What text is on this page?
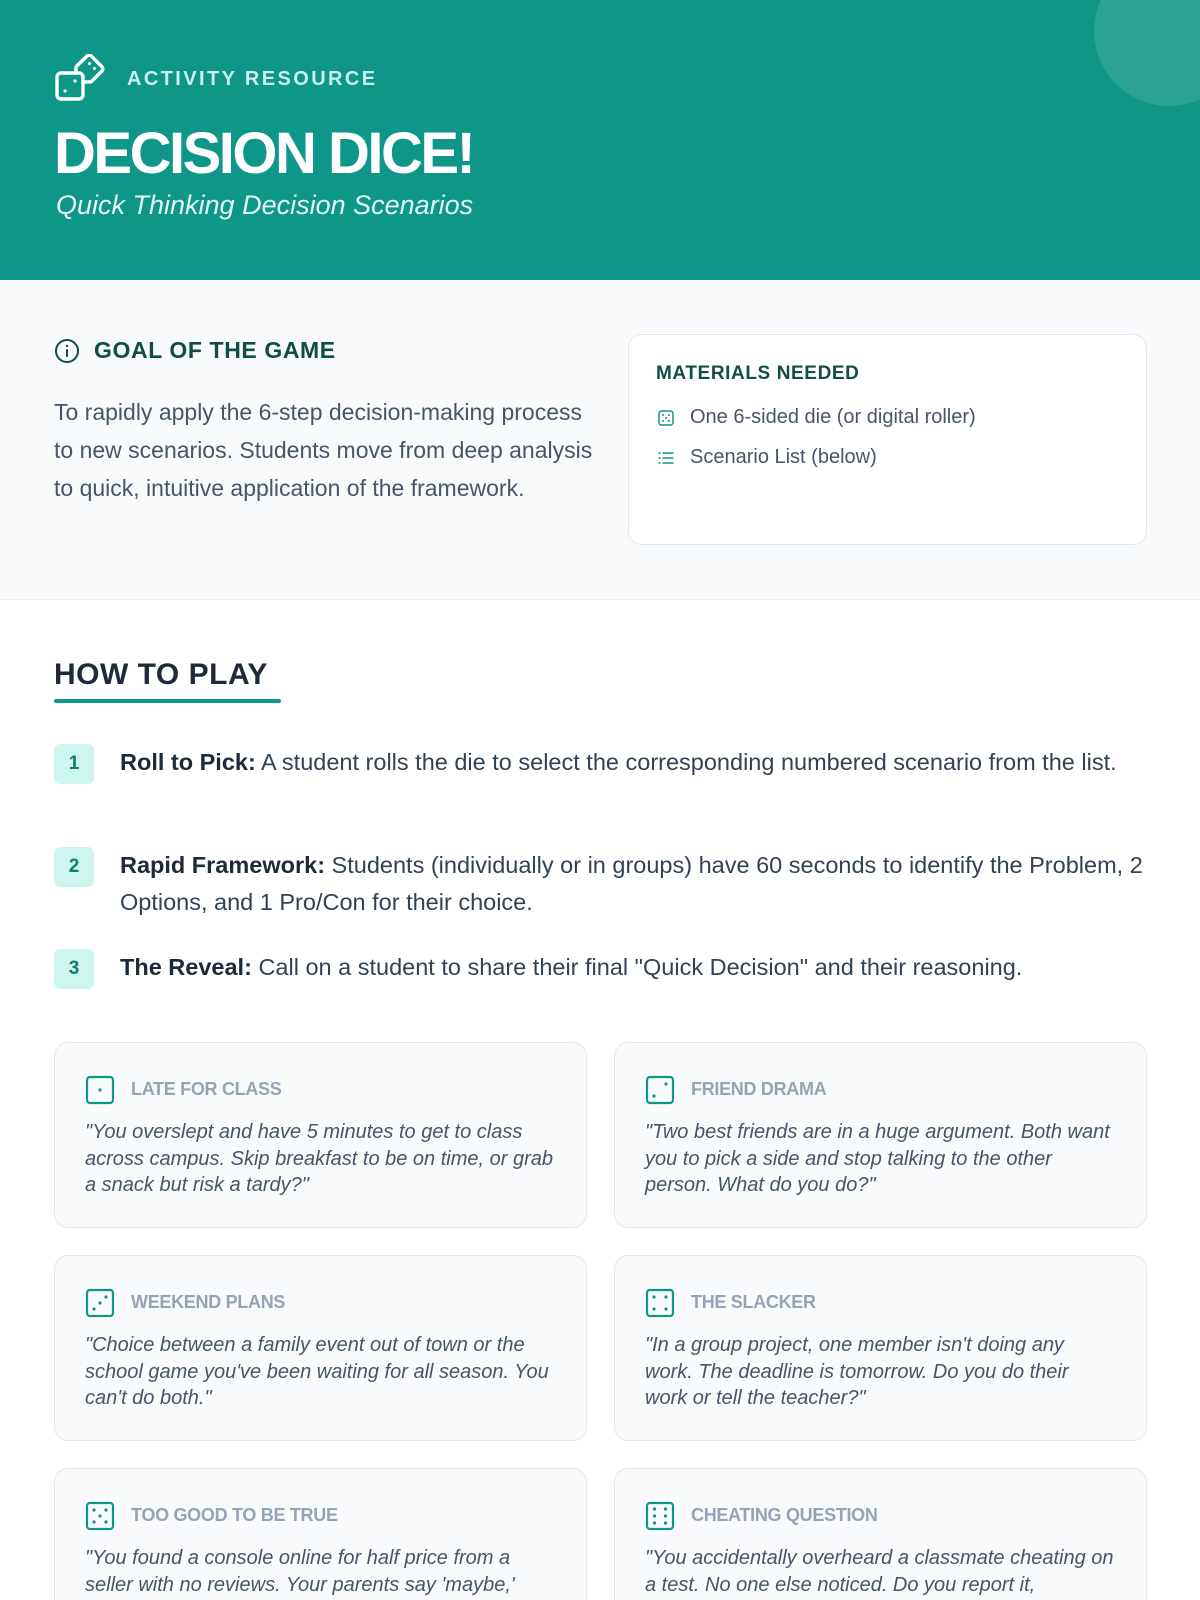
ACTIVITY RESOURCE
DECISION DICE!
Quick Thinking Decision Scenarios
GOAL OF THE GAME
To rapidly apply the 6-step decision-making process to new scenarios. Students move from deep analysis to quick, intuitive application of the framework.
MATERIALS NEEDED
One 6-sided die (or digital roller)
Scenario List (below)
HOW TO PLAY
1	Roll to Pick: A student rolls the die to select the corresponding numbered scenario from the list.
2	Rapid Framework: Students (individually or in groups) have 60 seconds to identify the Problem, 2 Options, and 1 Pro/Con for their choice.
3	The Reveal: Call on a student to share their final "Quick Decision" and their reasoning.
LATE FOR CLASS
"You overslept and have 5 minutes to get to class across campus. Skip breakfast to be on time, or grab a snack but risk a tardy?"
FRIEND DRAMA
"Two best friends are in a huge argument. Both want you to pick a side and stop talking to the other person. What do you do?"
WEEKEND PLANS
"Choice between a family event out of town or the school game you've been waiting for all season. You can't do both."
THE SLACKER
"In a group project, one member isn't doing any work. The deadline is tomorrow. Do you do their work or tell the teacher?"
TOO GOOD TO BE TRUE
"You found a console online for half price from a seller with no reviews. Your parents say 'maybe,'
CHEATING QUESTION
"You accidentally overheard a classmate cheating on a test. No one else noticed. Do you report it,
